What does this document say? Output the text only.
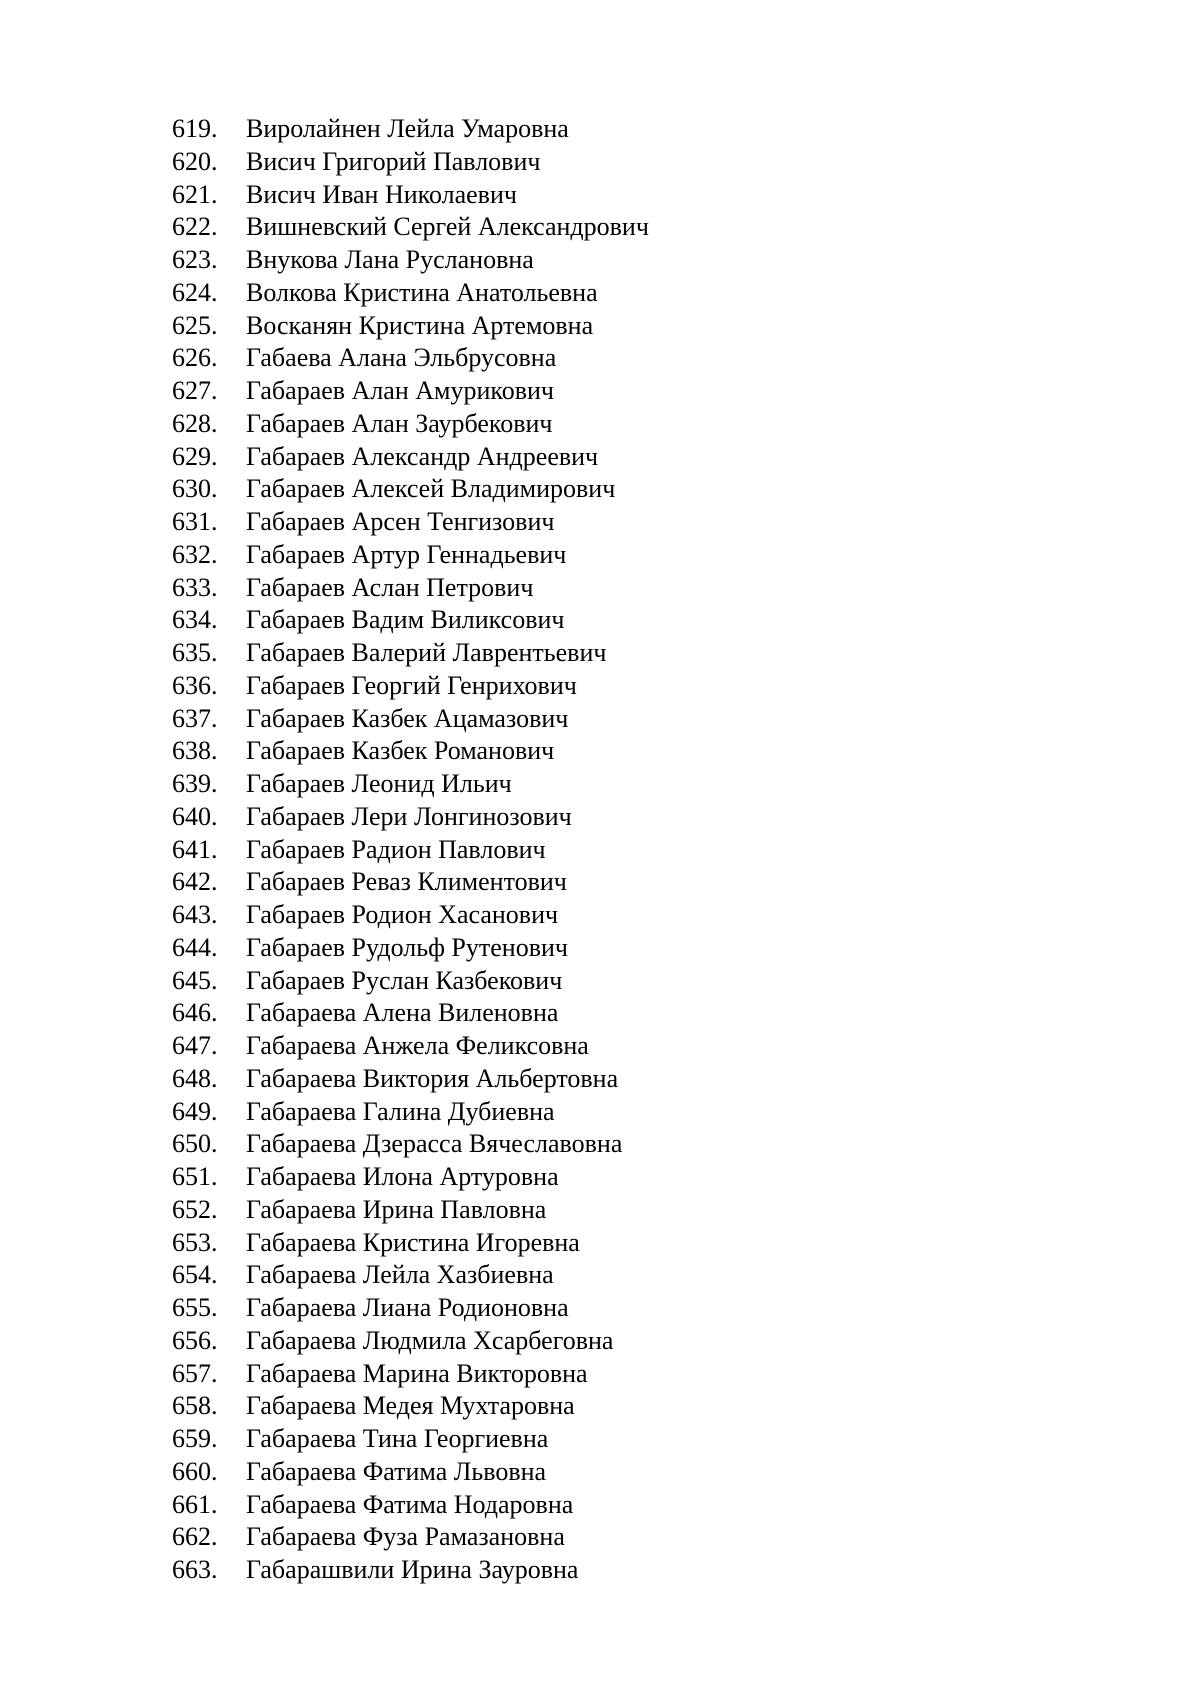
619.	Виролайнен Лейла Умаровна
620.	Висич Григорий Павлович
621.	Висич Иван Николаевич
622.	Вишневский Сергей Александрович
623.	Внукова Лана Руслановна
624.	Волкова Кристина Анатольевна
625.	Восканян Кристина Артемовна
626.	Габаева Алана Эльбрусовна
627.	Габараев Алан Амурикович
628.	Габараев Алан Заурбекович
629.	Габараев Александр Андреевич
630.	Габараев Алексей Владимирович
631.	Габараев Арсен Тенгизович
632.	Габараев Артур Геннадьевич
633.	Габараев Аслан Петрович
634.	Габараев Вадим Виликсович
635.	Габараев Валерий Лаврентьевич
636.	Габараев Георгий Генрихович
637.	Габараев Казбек Ацамазович
638.	Габараев Казбек Романович
639.	Габараев Леонид Ильич
640.	Габараев Лери Лонгинозович
641.	Габараев Радион Павлович
642.	Габараев Реваз Климентович
643.	Габараев Родион Хасанович
644.	Габараев Рудольф Рутенович
645.	Габараев Руслан Казбекович
646.	Габараева Алена Виленовна
647.	Габараева Анжела Феликсовна
648.	Габараева Виктория Альбертовна
649.	Габараева Галина Дубиевна
650.	Габараева Дзерасса Вячеславовна
651.	Габараева Илона Артуровна
652.	Габараева Ирина Павловна
653.	Габараева Кристина Игоревна
654.	Габараева Лейла Хазбиевна
655.	Габараева Лиана Родионовна
656.	Габараева Людмила Хсарбеговна
657.	Габараева Марина Викторовна
658.	Габараева Медея Мухтаровна
659.	Габараева Тина Георгиевна
660.	Габараева Фатима Львовна
661.	Габараева Фатима Нодаровна
662.	Габараева Фуза Рамазановна
663.	Габарашвили Ирина Зауровна
